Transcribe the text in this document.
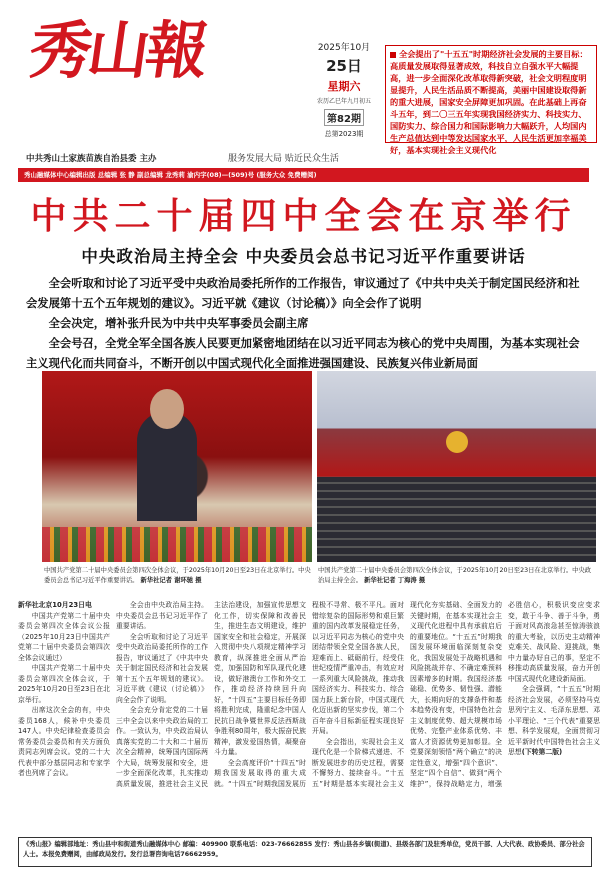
秀山報	2025年10月
25日
星期六
农历乙巳年九月初五
第82期
总第2023期
全会提出了"十五五"时期经济社会发展的主要目标：高质量发展取得显著成效，科技自立自强水平大幅提高，进一步全面深化改革取得新突破，社会文明程度明显提升，人民生活品质不断提高，美丽中国建设取得新的重大进展，国家安全屏障更加巩固。在此基础上再奋斗五年，到二〇三五年实现我国经济实力、科技实力、国防实力、综合国力和国际影响力大幅跃升，人均国内生产总值达到中等发达国家水平，人民生活更加幸福美好，基本实现社会主义现代化
中共秀山土家族苗族自治县委 主办	服务发展大局 贴近民众生活
秀山融媒体中心编辑出版 总编辑 张 静 副总编辑 龙秀莉 渝内字(08)—(509)号 (服务大众 免费赠阅)
中共二十届四中全会在京举行
中央政治局主持全会 中央委员会总书记习近平作重要讲话

全会听取和讨论了习近平受中央政治局委托所作的工作报告，审议通过了《中共中央关于制定国民经济和社会发展第十五个五年规划的建议》。习近平就《建议（讨论稿）》向全会作了说明

全会决定，增补张升民为中共中央军事委员会副主席

全会号召，全党全军全国各族人民要更加紧密地团结在以习近平同志为核心的党中央周围，为基本实现社会主义现代化而共同奋斗，不断开创以中国式现代化全面推进强国建设、民族复兴伟业新局面

中国共产党第二十届中央委员会第四次全体会议，于2025年10月20日至23日在北京举行。中央委员会总书记习近平作重要讲话。 新华社记者 谢环驰 摄
中国共产党第二十届中央委员会第四次全体会议，于2025年10月20日至23日在北京举行。中央政治局主持全会。 新华社记者 丁海涛 摄

新华社北京10月23日电

中国共产党第二十届中央委员会第四次全体会议公报（2025年10月23日中国共产党第二十届中央委员会第四次全体会议通过）

中国共产党第二十届中央委员会第四次全体会议，于2025年10月20日至23日在北京举行。

出席这次全会的有，中央委员168人，候补中央委员147人。中央纪律检查委员会常务委员会委员和有关方面负责同志列席会议。党的二十大代表中部分基层同志和专家学者也列席了会议。

全会由中央政治局主持。中央委员会总书记习近平作了重要讲话。

全会听取和讨论了习近平受中央政治局委托所作的工作报告，审议通过了《中共中央关于制定国民经济和社会发展第十五个五年规划的建议》。习近平就《建议（讨论稿）》向全会作了说明。

全会充分肯定党的二十届三中全会以来中央政治局的工作。一致认为，中央政治局认真落实党的二十大和二十届历次全会精神，统筹国内国际两个大局，统筹发展和安全，进一步全面深化改革，扎实推动高质量发展，推进社会主义民主法治建设，加强宣传思想文化工作，切实保障和改善民生，推进生态文明建设，维护国家安全和社会稳定，开展深入贯彻中央八项规定精神学习教育，纵深推进全面从严治党，加强国防和军队现代化建设，做好港澳台工作和外交工作，推动经济持续回升向好，“十四五”主要目标任务即将胜利完成，隆重纪念中国人民抗日战争暨世界反法西斯战争胜利80周年，极大振奋民族精神，激发爱国热情，凝聚奋斗力量。

全会高度评价“十四五”时期我国发展取得的重大成就。“十四五”时期我国发展历程极不寻常、极不平凡。面对错综复杂的国际形势和艰巨繁重的国内改革发展稳定任务，以习近平同志为核心的党中央团结带领全党全国各族人民，迎难而上、砥砺前行，经受住世纪疫情严重冲击，有效应对一系列重大风险挑战，推动我国经济实力、科技实力、综合国力跃上新台阶，中国式现代化迈出新的坚实步伐，第二个百年奋斗目标新征程实现良好开局。

全会指出，实现社会主义现代化是一个阶梯式递进、不断发展进步的历史过程，需要不懈努力、接续奋斗。“十五五”时期是基本实现社会主义现代化夯实基础、全面发力的关键时期，在基本实现社会主义现代化进程中具有承前启后的重要地位。“十五五”时期我国发展环境面临深刻复杂变化，我国发展处于战略机遇和风险挑战并存、不确定难预料因素增多的时期。我国经济基础稳、优势多、韧性强、潜能大，长期向好的支撑条件和基本趋势没有变，中国特色社会主义制度优势、超大规模市场优势、完整产业体系优势、丰富人才资源优势更加彰显。全党要深刻领悟“两个确立”的决定性意义，增强“四个意识”、坚定“四个自信”、做到“两个维护”，保持战略定力，增强必胜信心，积极识变应变求变，敢于斗争、善于斗争，勇于面对风高浪急甚至惊涛骇浪的重大考验，以历史主动精神克难关、战风险、迎挑战，集中力量办好自己的事，坚定不移推动高质量发展，奋力开创中国式现代化建设新局面。

全会强调，“十五五”时期经济社会发展，必须坚持马克思列宁主义、毛泽东思想、邓小平理论、“三个代表”重要思想、科学发展观，全面贯彻习近平新时代中国特色社会主义思想(下转第二版)

《秀山报》编辑部地址：秀山县中和街道秀山融媒体中心 邮编：409900 联系电话：023-76662855 发行：秀山县各乡镇(街道)、县级各部门及驻秀单位，党员干部、人大代表、政协委员、部分社会人士。本报免费赠阅，由邮政局发行。发行总署咨询电话76662959。
